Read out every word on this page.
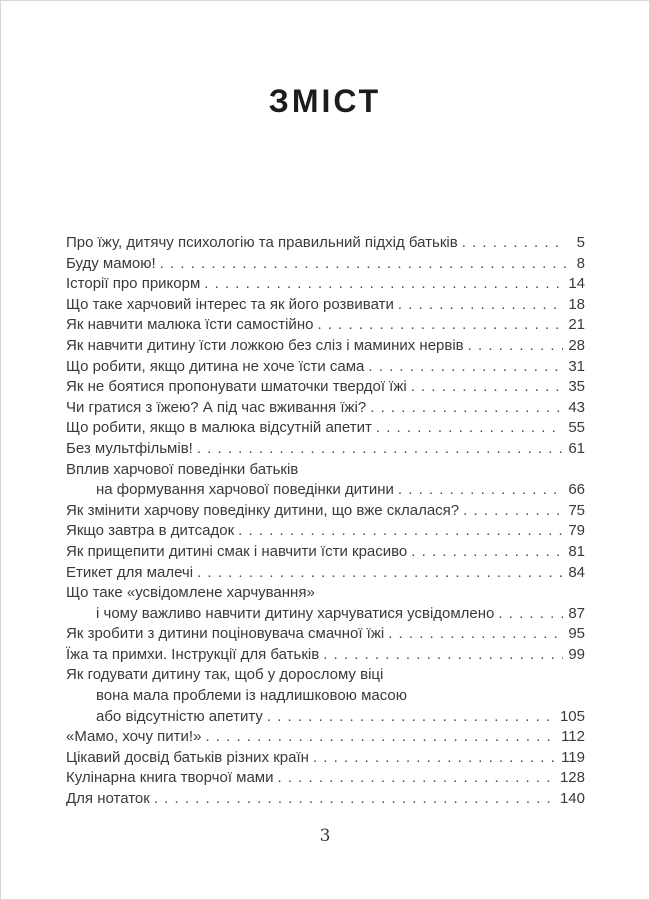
ЗМІСТ
Про їжу, дитячу психологію та правильний підхід батьків . . .	5
Буду мамою! . . .	8
Історії про прикорм . . .	14
Що таке харчовий інтерес та як його розвивати . . .	18
Як навчити малюка їсти самостійно . . .	21
Як навчити дитину їсти ложкою без сліз і маминих нервів . . .	28
Що робити, якщо дитина не хоче їсти сама . . .	31
Як не боятися пропонувати шматочки твердої їжі . . .	35
Чи гратися з їжею? А під час вживання їжі? . . .	43
Що робити, якщо в малюка відсутній апетит . . .	55
Без мультфільмів! . . .	61
Вплив харчової поведінки батьків
на формування харчової поведінки дитини . . .	66
Як змінити харчову поведінку дитини, що вже склалася? . . .	75
Якщо завтра в дитсадок . . .	79
Як прищепити дитині смак і навчити їсти красиво . . .	81
Етикет для малечі . . .	84
Що таке «усвідомлене харчування»
і чому важливо навчити дитину харчуватися усвідомлено . . .	87
Як зробити з дитини поціновувача смачної їжі . . .	95
Їжа та примхи. Інструкції для батьків . . .	99
Як годувати дитину так, щоб у дорослому віці
вона мала проблеми із надлишковою масою
або відсутністю апетиту . . .	105
«Мамо, хочу пити!» . . .	112
Цікавий досвід батьків різних країн . . .	119
Кулінарна книга творчої мами . . .	128
Для нотаток . . .	140
3
